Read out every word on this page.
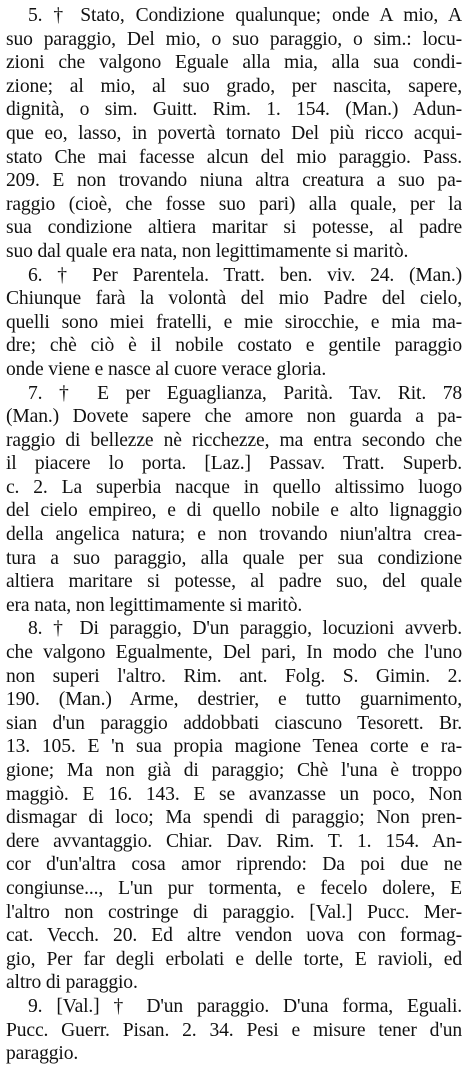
5. † Stato, Condizione qualunque; onde A mio, A
suo paraggio, Del mio, o suo paraggio, o sim.: locu-
zioni che valgono Eguale alla mia, alla sua condi-
zione; al mio, al suo grado, per nascita, sapere,
dignità, o sim. Guitt. Rim. 1. 154. (Man.) Adun-
que eo, lasso, in povertà tornato Del più ricco acqui-
stato Che mai facesse alcun del mio paraggio. Pass.
209. E non trovando niuna altra creatura a suo pa-
raggio (cioè, che fosse suo pari) alla quale, per la
sua condizione altiera maritar si potesse, al padre
suo dal quale era nata, non legittimamente si maritò.
6. † Per Parentela. Tratt. ben. viv. 24. (Man.)
Chiunque farà la volontà del mio Padre del cielo,
quelli sono miei fratelli, e mie sirocchie, e mia ma-
dre; chè ciò è il nobile costato e gentile paraggio
onde viene e nasce al cuore verace gloria.
7. † E per Eguaglianza, Parità. Tav. Rit. 78
(Man.) Dovete sapere che amore non guarda a pa-
raggio di bellezze nè ricchezze, ma entra secondo che
il piacere lo porta. [Laz.] Passav. Tratt. Superb.
c. 2. La superbia nacque in quello altissimo luogo
del cielo empireo, e di quello nobile e alto lignaggio
della angelica natura; e non trovando niun'altra crea-
tura a suo paraggio, alla quale per sua condizione
altiera maritare si potesse, al padre suo, del quale
era nata, non legittimamente si maritò.
8. † Di paraggio, D'un paraggio, locuzioni avverb.
che valgono Egualmente, Del pari, In modo che l'uno
non superi l'altro. Rim. ant. Folg. S. Gimin. 2.
190. (Man.) Arme, destrier, e tutto guarnimento,
sian d'un paraggio addobbati ciascuno Tesorett. Br.
13. 105. E 'n sua propia magione Tenea corte e ra-
gione; Ma non già di paraggio; Chè l'una è troppo
maggiò. E 16. 143. E se avanzasse un poco, Non
dismagar di loco; Ma spendi di paraggio; Non pren-
dere avvantaggio. Chiar. Dav. Rim. T. 1. 154. An-
cor d'un'altra cosa amor riprendo: Da poi due ne
congiunse..., L'un pur tormenta, e fecelo dolere, E
l'altro non costringe di paraggio. [Val.] Pucc. Mer-
cat. Vecch. 20. Ed altre vendon uova con formag-
gio, Per far degli erbolati e delle torte, E ravioli, ed
altro di paraggio.
9. [Val.] † D'un paraggio. D'una forma, Eguali.
Pucc. Guerr. Pisan. 2. 34. Pesi e misure tener d'un
paraggio.
